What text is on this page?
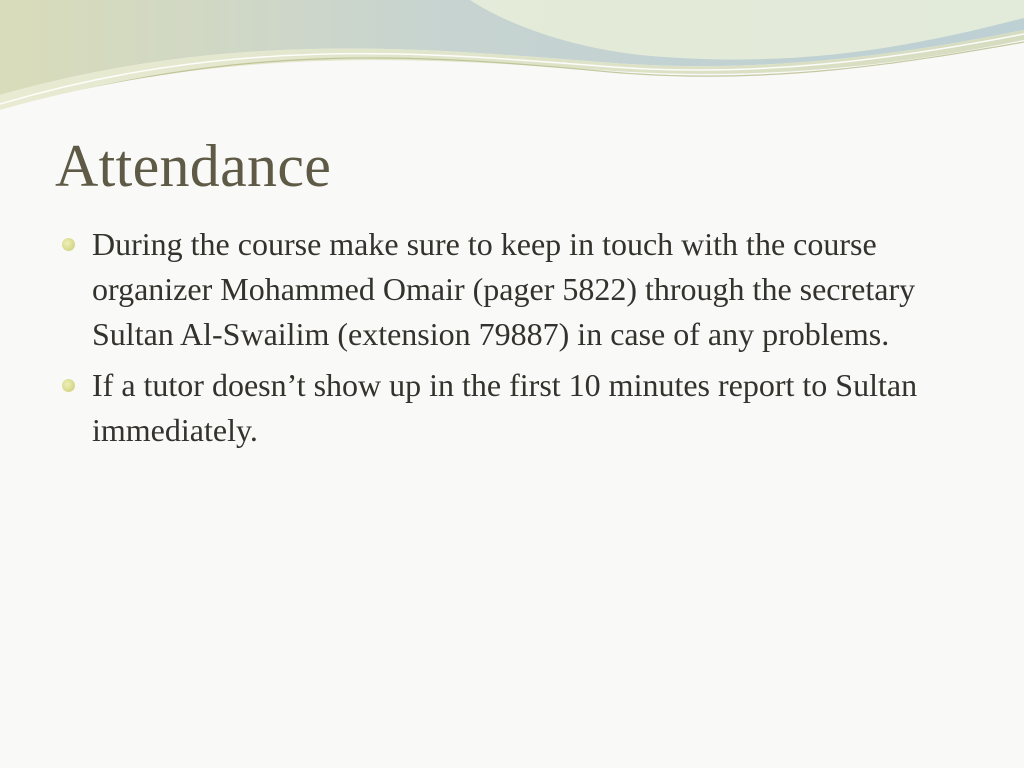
Attendance
During the course make sure to keep in touch with the course organizer Mohammed Omair (pager 5822) through the secretary Sultan Al-Swailim (extension 79887) in case of any problems.
If a tutor doesn’t show up in the first 10 minutes report to Sultan immediately.
